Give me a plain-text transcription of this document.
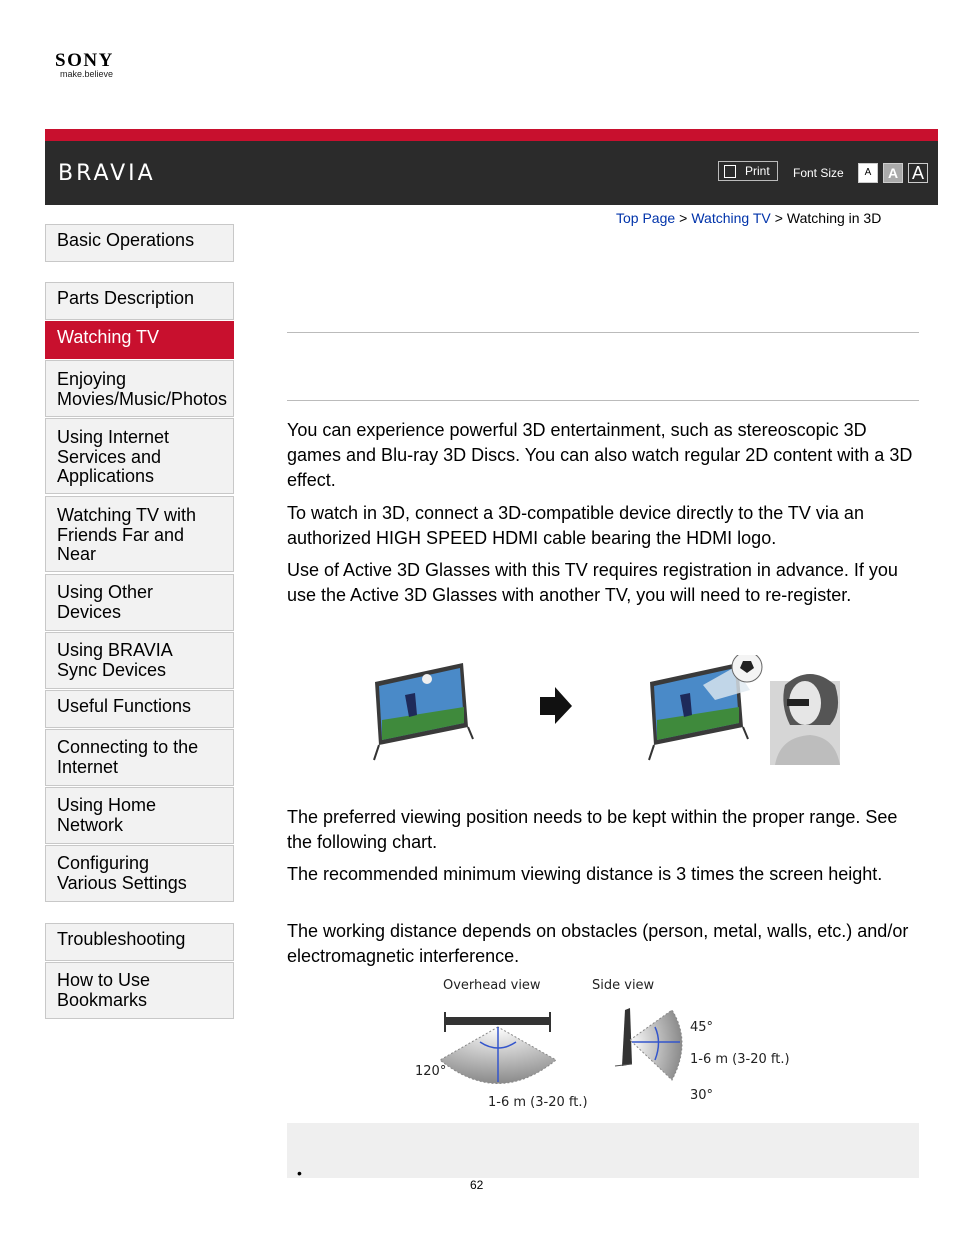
SONY
make.believe
BRAVIA	Print Font Size	A	A A
Top Page > Watching TV > Watching in 3D
Basic Operations
Parts Description
Watching TV
Enjoying Movies/Music/Photos
Using Internet Services and Applications
Watching TV with Friends Far and Near
Using Other Devices
Using BRAVIA Sync Devices
Useful Functions
Connecting to the Internet
Using Home Network
Configuring Various Settings
Troubleshooting
How to Use Bookmarks

You can experience powerful 3D entertainment, such as stereoscopic 3D games and Blu-ray 3D Discs. You can also watch regular 2D content with a 3D effect.

To watch in 3D, connect a 3D-compatible device directly to the TV via an authorized HIGH SPEED HDMI cable bearing the HDMI logo.

Use of Active 3D Glasses with this TV requires registration in advance. If you use the Active 3D Glasses with another TV, you will need to re-register.

The preferred viewing position needs to be kept within the proper range. See the following chart.

The recommended minimum viewing distance is 3 times the screen height.

The working distance depends on obstacles (person, metal, walls, etc.) and/or electromagnetic interference.

Overhead view	Side view
120°
1-6 m (3-20 ft.)
45°
1-6 m (3-20 ft.)
30°
•
62
